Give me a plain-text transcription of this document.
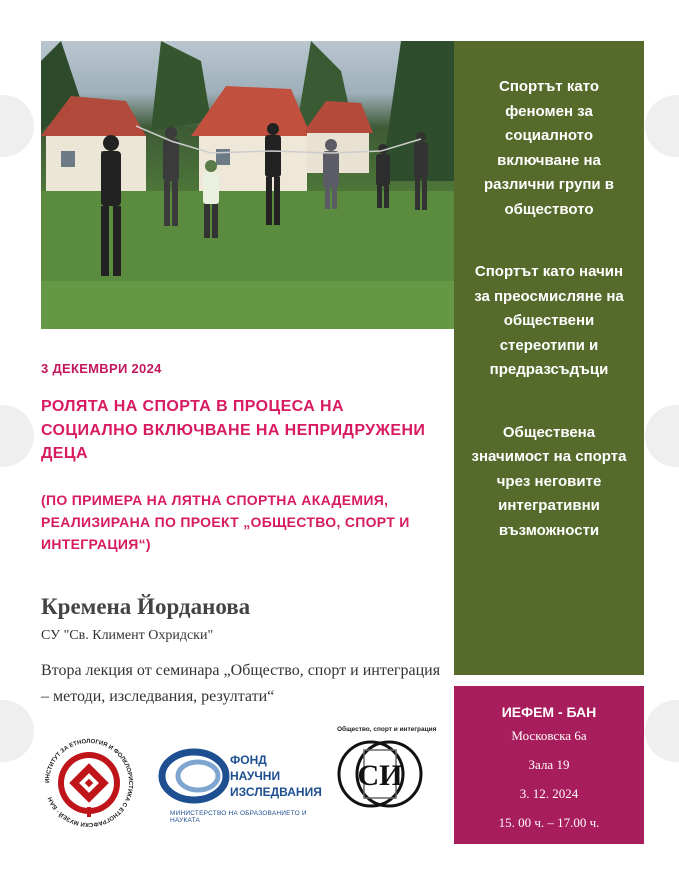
Спортът като феномен за социалното включване на различни групи в обществото
Спортът като начин за преосмисляне на обществени стереотипи и предразсъдъци
Обществена значимост на спорта чрез неговите интегративни възможности
ИЕФЕМ - БАН
Московска 6а
Зала 19
3. 12. 2024
15. 00 ч. – 17.00 ч.
3 ДЕКЕМВРИ 2024
РОЛЯТА НА СПОРТА В ПРОЦЕСА НА СОЦИАЛНО ВКЛЮЧВАНЕ НА НЕПРИДРУЖЕНИ ДЕЦА
(ПО ПРИМЕРА НА ЛЯТНА СПОРТНА АКАДЕМИЯ, РЕАЛИЗИРАНА ПО ПРОЕКТ „ОБЩЕСТВО, СПОРТ И ИНТЕГРАЦИЯ“)
Кремена Йорданова
СУ "Св. Климент Охридски"
Втора лекция от семинара „Общество, спорт и интеграция – методи, изследвания, резултати“
ИНСТИТУТ ЗА ЕТНОЛОГИЯ И ФОЛКЛОРИСТИКА С ЕТНОГРАФСКИ МУЗЕЙ · БАН
ФОНД
НАУЧНИ
ИЗСЛЕДВАНИЯ
МИНИСТЕРСТВО НА ОБРАЗОВАНИЕТО И НАУКАТА
Общество, спорт и интеграция
СИ
